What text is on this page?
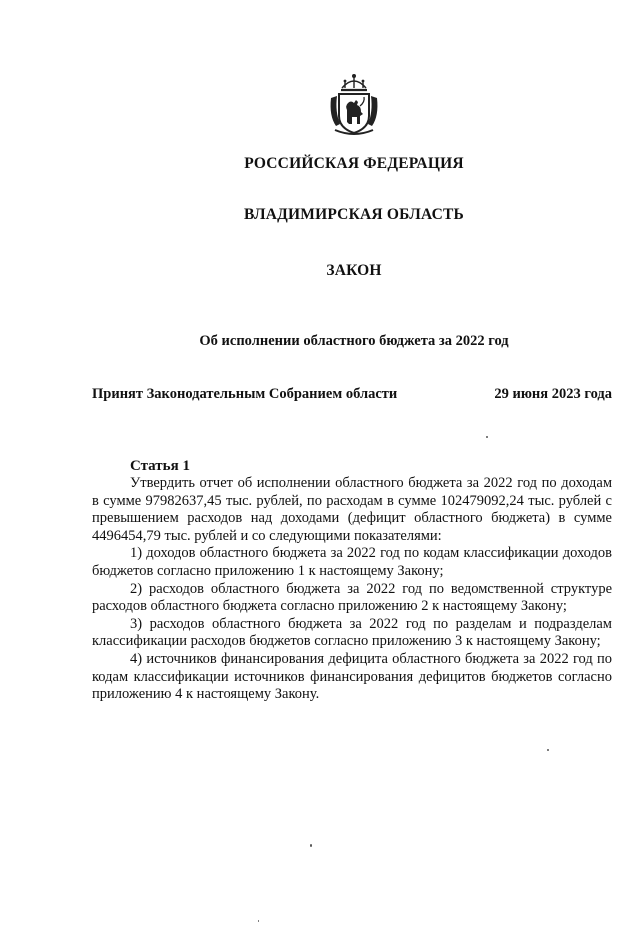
РОССИЙСКАЯ ФЕДЕРАЦИЯ
ВЛАДИМИРСКАЯ ОБЛАСТЬ
ЗАКОН
Об исполнении областного бюджета за 2022 год
Принят Законодательным Собранием области	29 июня 2023 года
Статья 1

Утвердить отчет об исполнении областного бюджета за 2022 год по доходам в сумме 97982637,45 тыс. рублей, по расходам в сумме 102479092,24 тыс. рублей с превышением расходов над доходами (дефицит областного бюджета) в сумме 4496454,79 тыс. рублей и со следующими показателями:

1) доходов областного бюджета за 2022 год по кодам классификации доходов бюджетов согласно приложению 1 к настоящему Закону;

2) расходов областного бюджета за 2022 год по ведомственной структуре расходов областного бюджета согласно приложению 2 к настоящему Закону;

3) расходов областного бюджета за 2022 год по разделам и подразделам классификации расходов бюджетов согласно приложению 3 к настоящему Закону;

4) источников финансирования дефицита областного бюджета за 2022 год по кодам классификации источников финансирования дефицитов бюджетов согласно приложению 4 к настоящему Закону.
